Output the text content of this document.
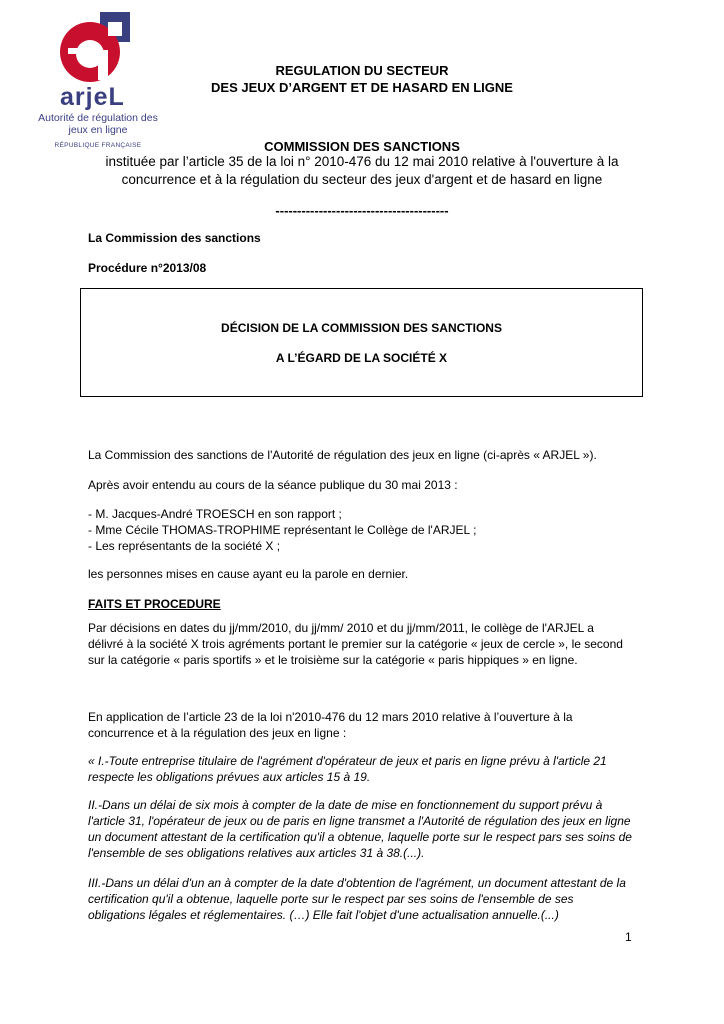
arjeL
Autorité de régulation des jeux en ligne
RÉPUBLIQUE FRANÇAISE
REGULATION DU SECTEUR
DES JEUX D’ARGENT ET DE HASARD EN LIGNE
COMMISSION DES SANCTIONS
instituée par l’article 35 de la loi n° 2010-476 du 12 mai 2010 relative à l'ouverture à la
concurrence et à la régulation du secteur des jeux d'argent et de hasard en ligne
----------------------------------------
La Commission des sanctions
Procédure n°2013/08
DÉCISION DE LA COMMISSION DES SANCTIONS
A L’ÉGARD DE LA SOCIÉTÉ X
La Commission des sanctions de l'Autorité de régulation des jeux en ligne (ci-après « ARJEL »).
Après avoir entendu au cours de la séance publique du 30 mai 2013 :
- M. Jacques-André TROESCH en son rapport ;
- Mme Cécile THOMAS-TROPHIME représentant le Collège de l'ARJEL ;
- Les représentants de la société X ;
les personnes mises en cause ayant eu la parole en dernier.
FAITS ET PROCEDURE
Par décisions en dates du jj/mm/2010, du jj/mm/ 2010 et du jj/mm/2011, le collège de l'ARJEL a
délivré à la société X trois agréments portant le premier sur la catégorie « jeux de cercle », le second
sur la catégorie « paris sportifs » et le troisième sur la catégorie « paris hippiques » en ligne.
En application de l’article 23 de la loi n'2010-476 du 12 mars 2010 relative à l’ouverture à la
concurrence et à la régulation des jeux en ligne :
« I.-Toute entreprise titulaire de l'agrément d'opérateur de jeux et paris en ligne prévu à l'article 21
respecte les obligations prévues aux articles 15 à 19.
II.-Dans un délai de six mois à compter de la date de mise en fonctionnement du support prévu à
l'article 31, l'opérateur de jeux ou de paris en ligne transmet a l'Autorité de régulation des jeux en ligne
un document attestant de la certification qu'il a obtenue, laquelle porte sur le respect pars ses soins de
l'ensemble de ses obligations relatives aux articles 31 à 38.(...).
III.-Dans un délai d'un an à compter de la date d'obtention de l'agrément, un document attestant de la
certification qu'il a obtenue, laquelle porte sur le respect par ses soins de l'ensemble de ses
obligations légales et réglementaires. (…) Elle fait l'objet d'une actualisation annuelle.(...)
1
